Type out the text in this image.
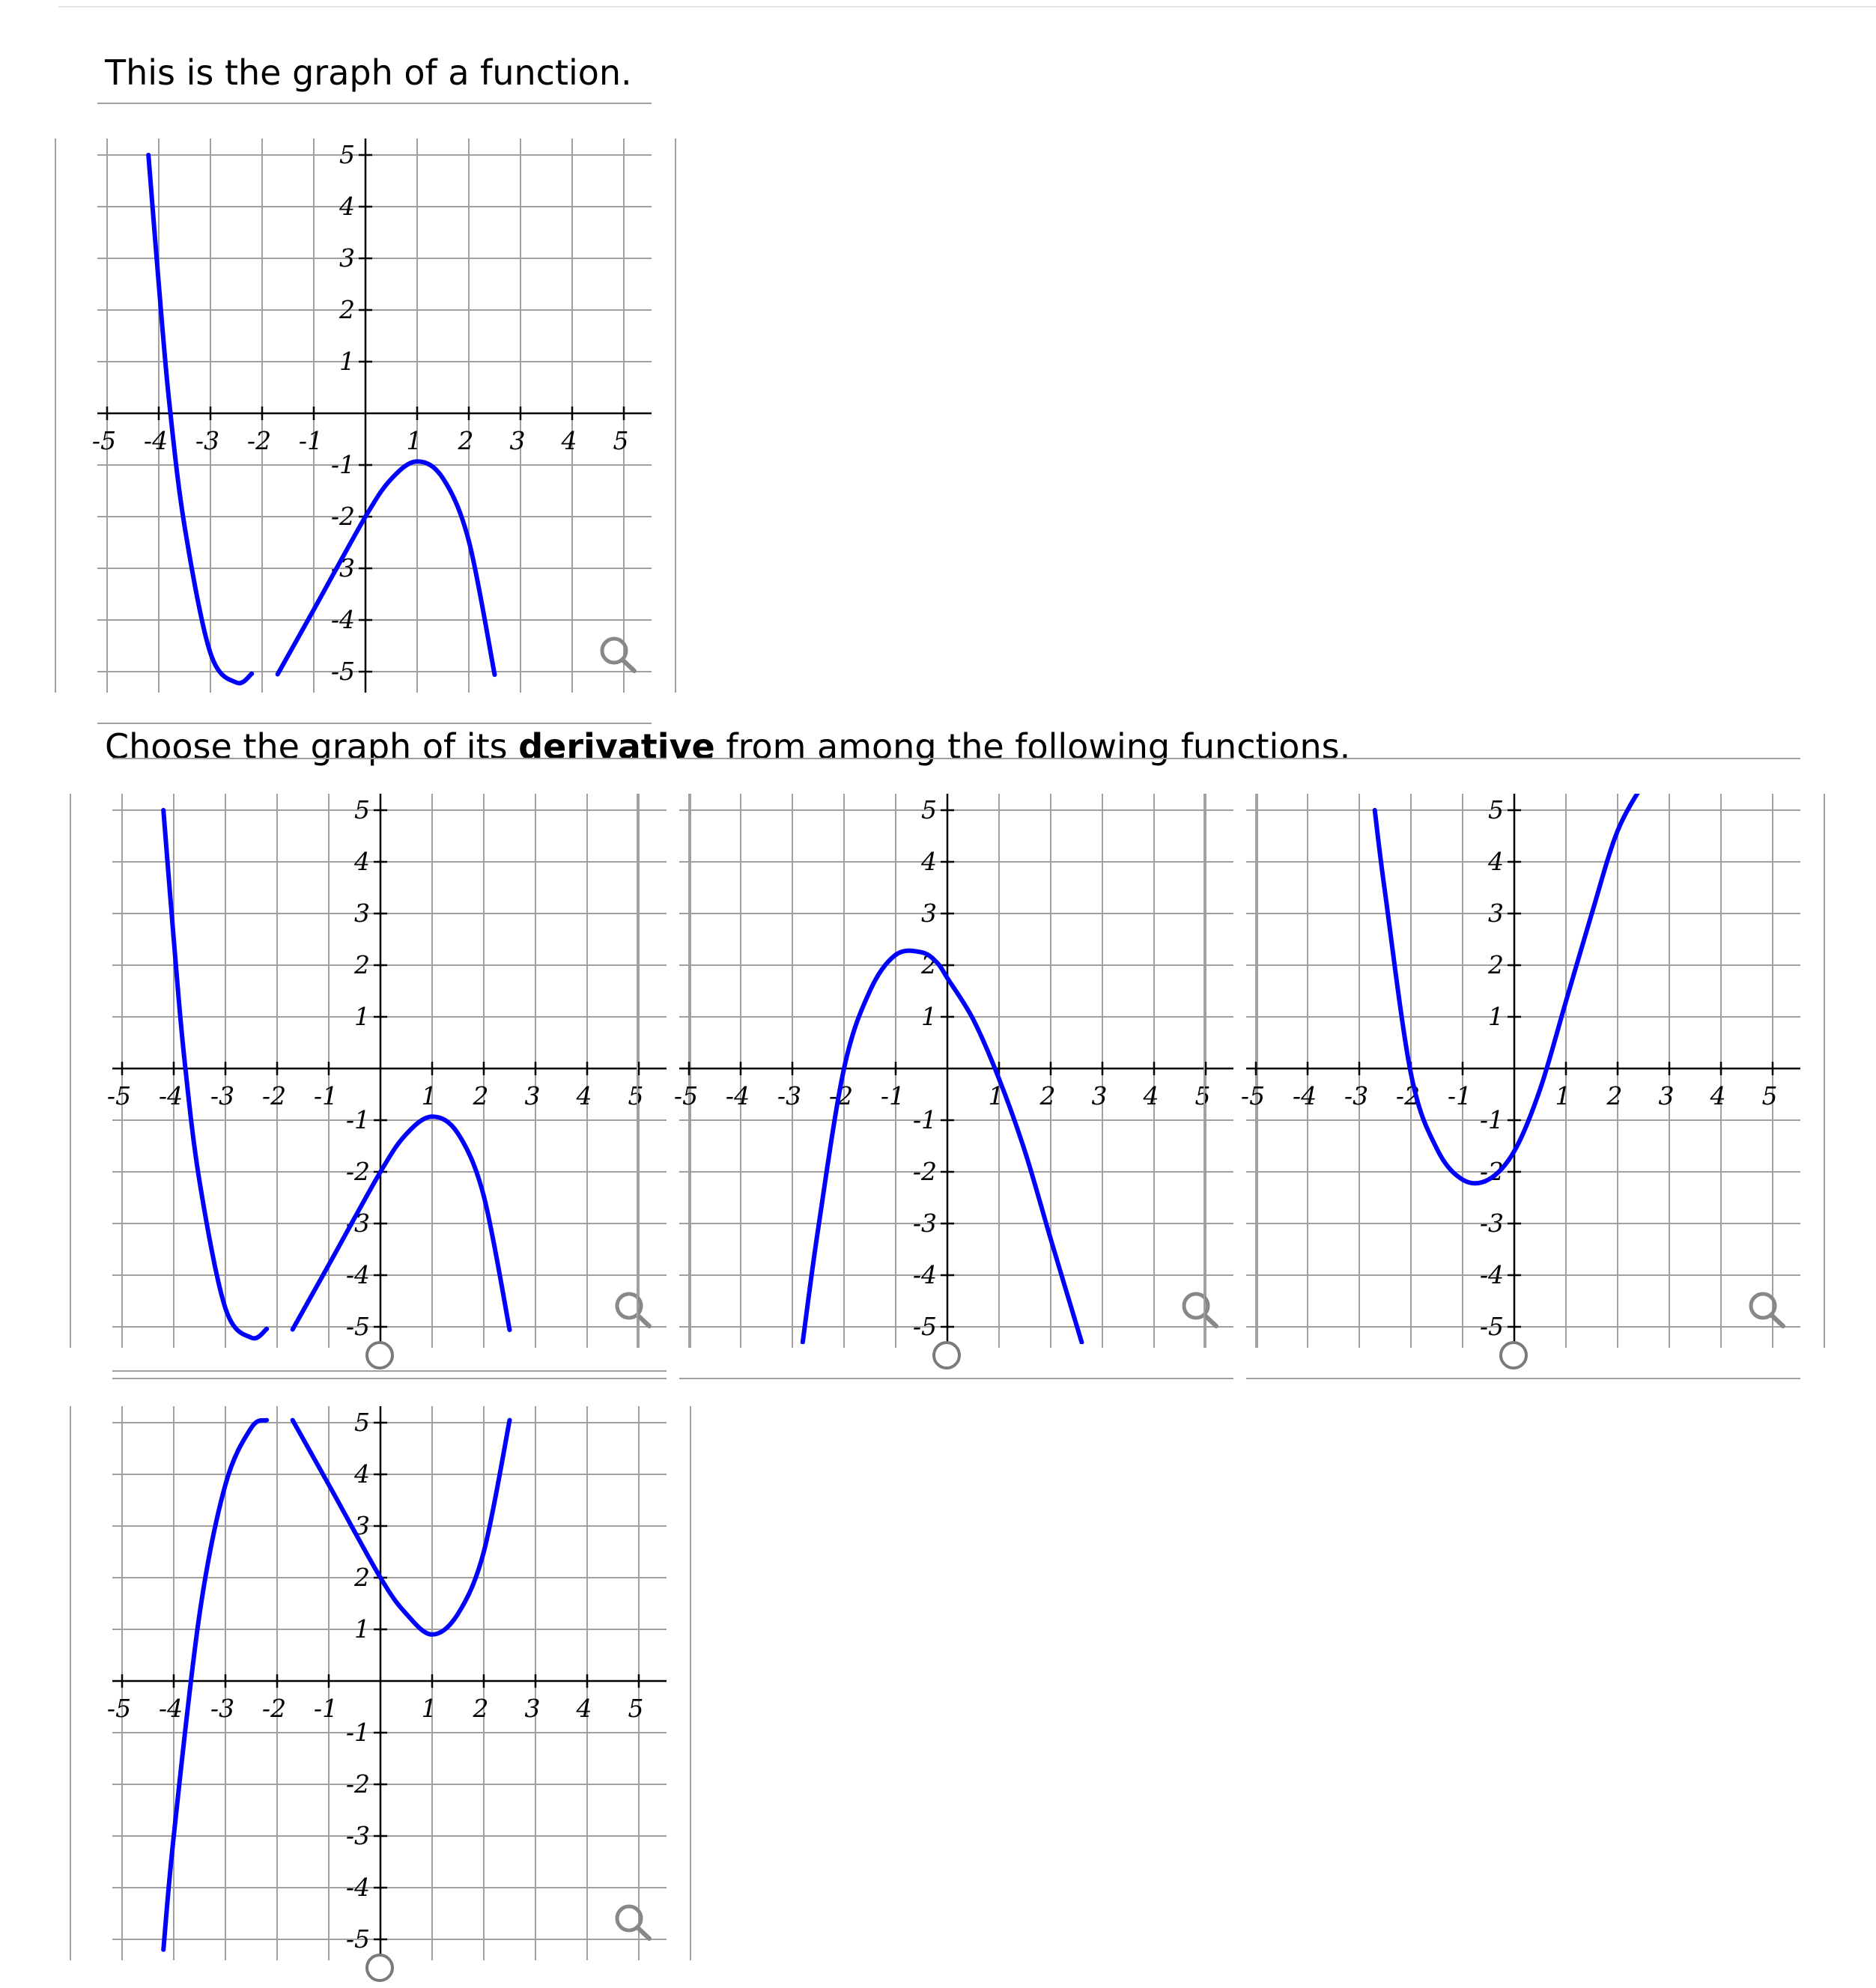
This is the graph of a function.

Choose the graph of its derivative from among the following functions.

-5 -4 -3 -2 -1	1 2 3 4 5
5
4
3
2
1
-1
-2
-3
-4
-5
-5 -4 -3 -2 -1	1 2 3 4 5
5
4
3
2
1
-1
-2
-3
-4
-5
-5 -4 -3 -2 -1	1 2 3 4 5
5
4
3
2
1
-1
-2
-3
-4
-5
-5 -4 -3 -2 -1	1 2 3 4 5
5
4
3
2
1
-1
-2
-3
-4
-5
-5 -4 -3 -2 -1	1 2 3 4 5
5
4
3
2
1
-1
-2
-3
-4
-5
